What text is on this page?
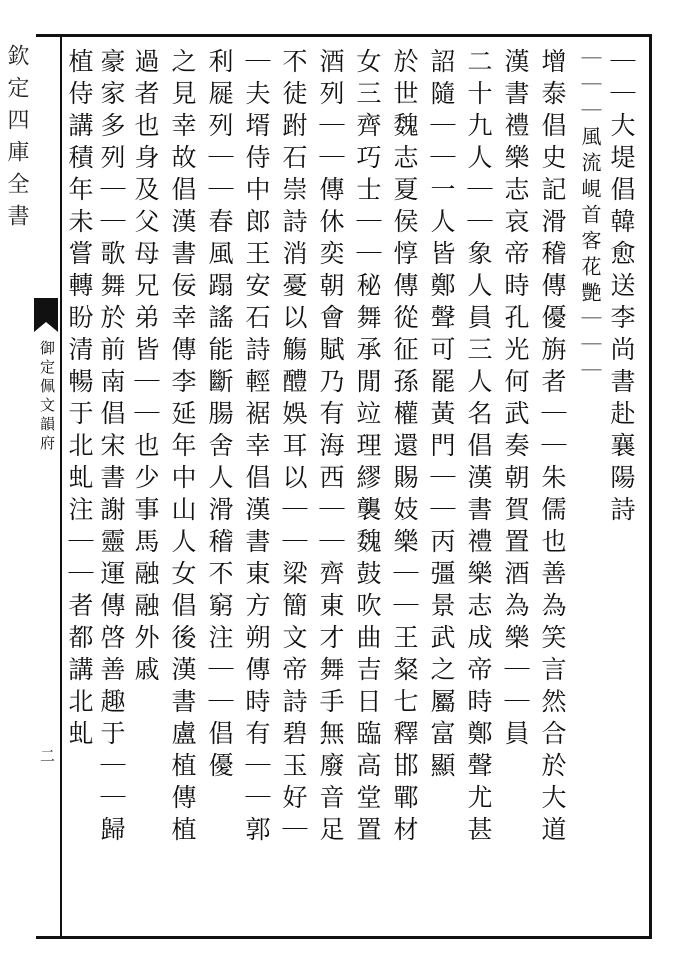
欽定四庫全書
御定佩文韻府
二
｜｜大堤倡韓愈送李尚書赴襄陽詩
｜｜｜風流峴首客花艷｜｜｜
增泰倡史記滑稽傳優旃者｜｜朱儒也善為笑言然合於大道
漢書禮樂志哀帝時孔光何武奏朝賀置酒為樂｜｜員
二十九人｜｜象人員三人名倡漢書禮樂志成帝時鄭聲尤甚
詔隨｜｜一人皆鄭聲可罷黃門｜｜丙彊景武之屬富顯
於世魏志夏侯惇傳從征孫權還賜妓樂｜｜王粲七釋邯鄲材
女三齊巧士｜｜秘舞承閒竝理繆襲魏鼓吹曲吉日臨高堂置
酒列｜｜傳休奕朝會賦乃有海西｜｜齊東才舞手無廢音足
不徒跗石崇詩消憂以觴醴娛耳以｜｜梁簡文帝詩碧玉好｜
｜夫壻侍中郎王安石詩輕裾幸倡漢書東方朔傳時有｜｜郭
利屣列｜｜春風蹋謠能斷腸舍人滑稽不窮注｜｜倡優
之見幸故倡漢書佞幸傳李延年中山人女倡後漢書盧植傳植
過者也身及父母兄弟皆｜｜也少事馬融融外戚
豪家多列｜｜歌舞於前南倡宋書謝靈運傳啓善趣于｜｜歸
植侍講積年未嘗轉盼清暢于北虬注｜｜者都講北虬
